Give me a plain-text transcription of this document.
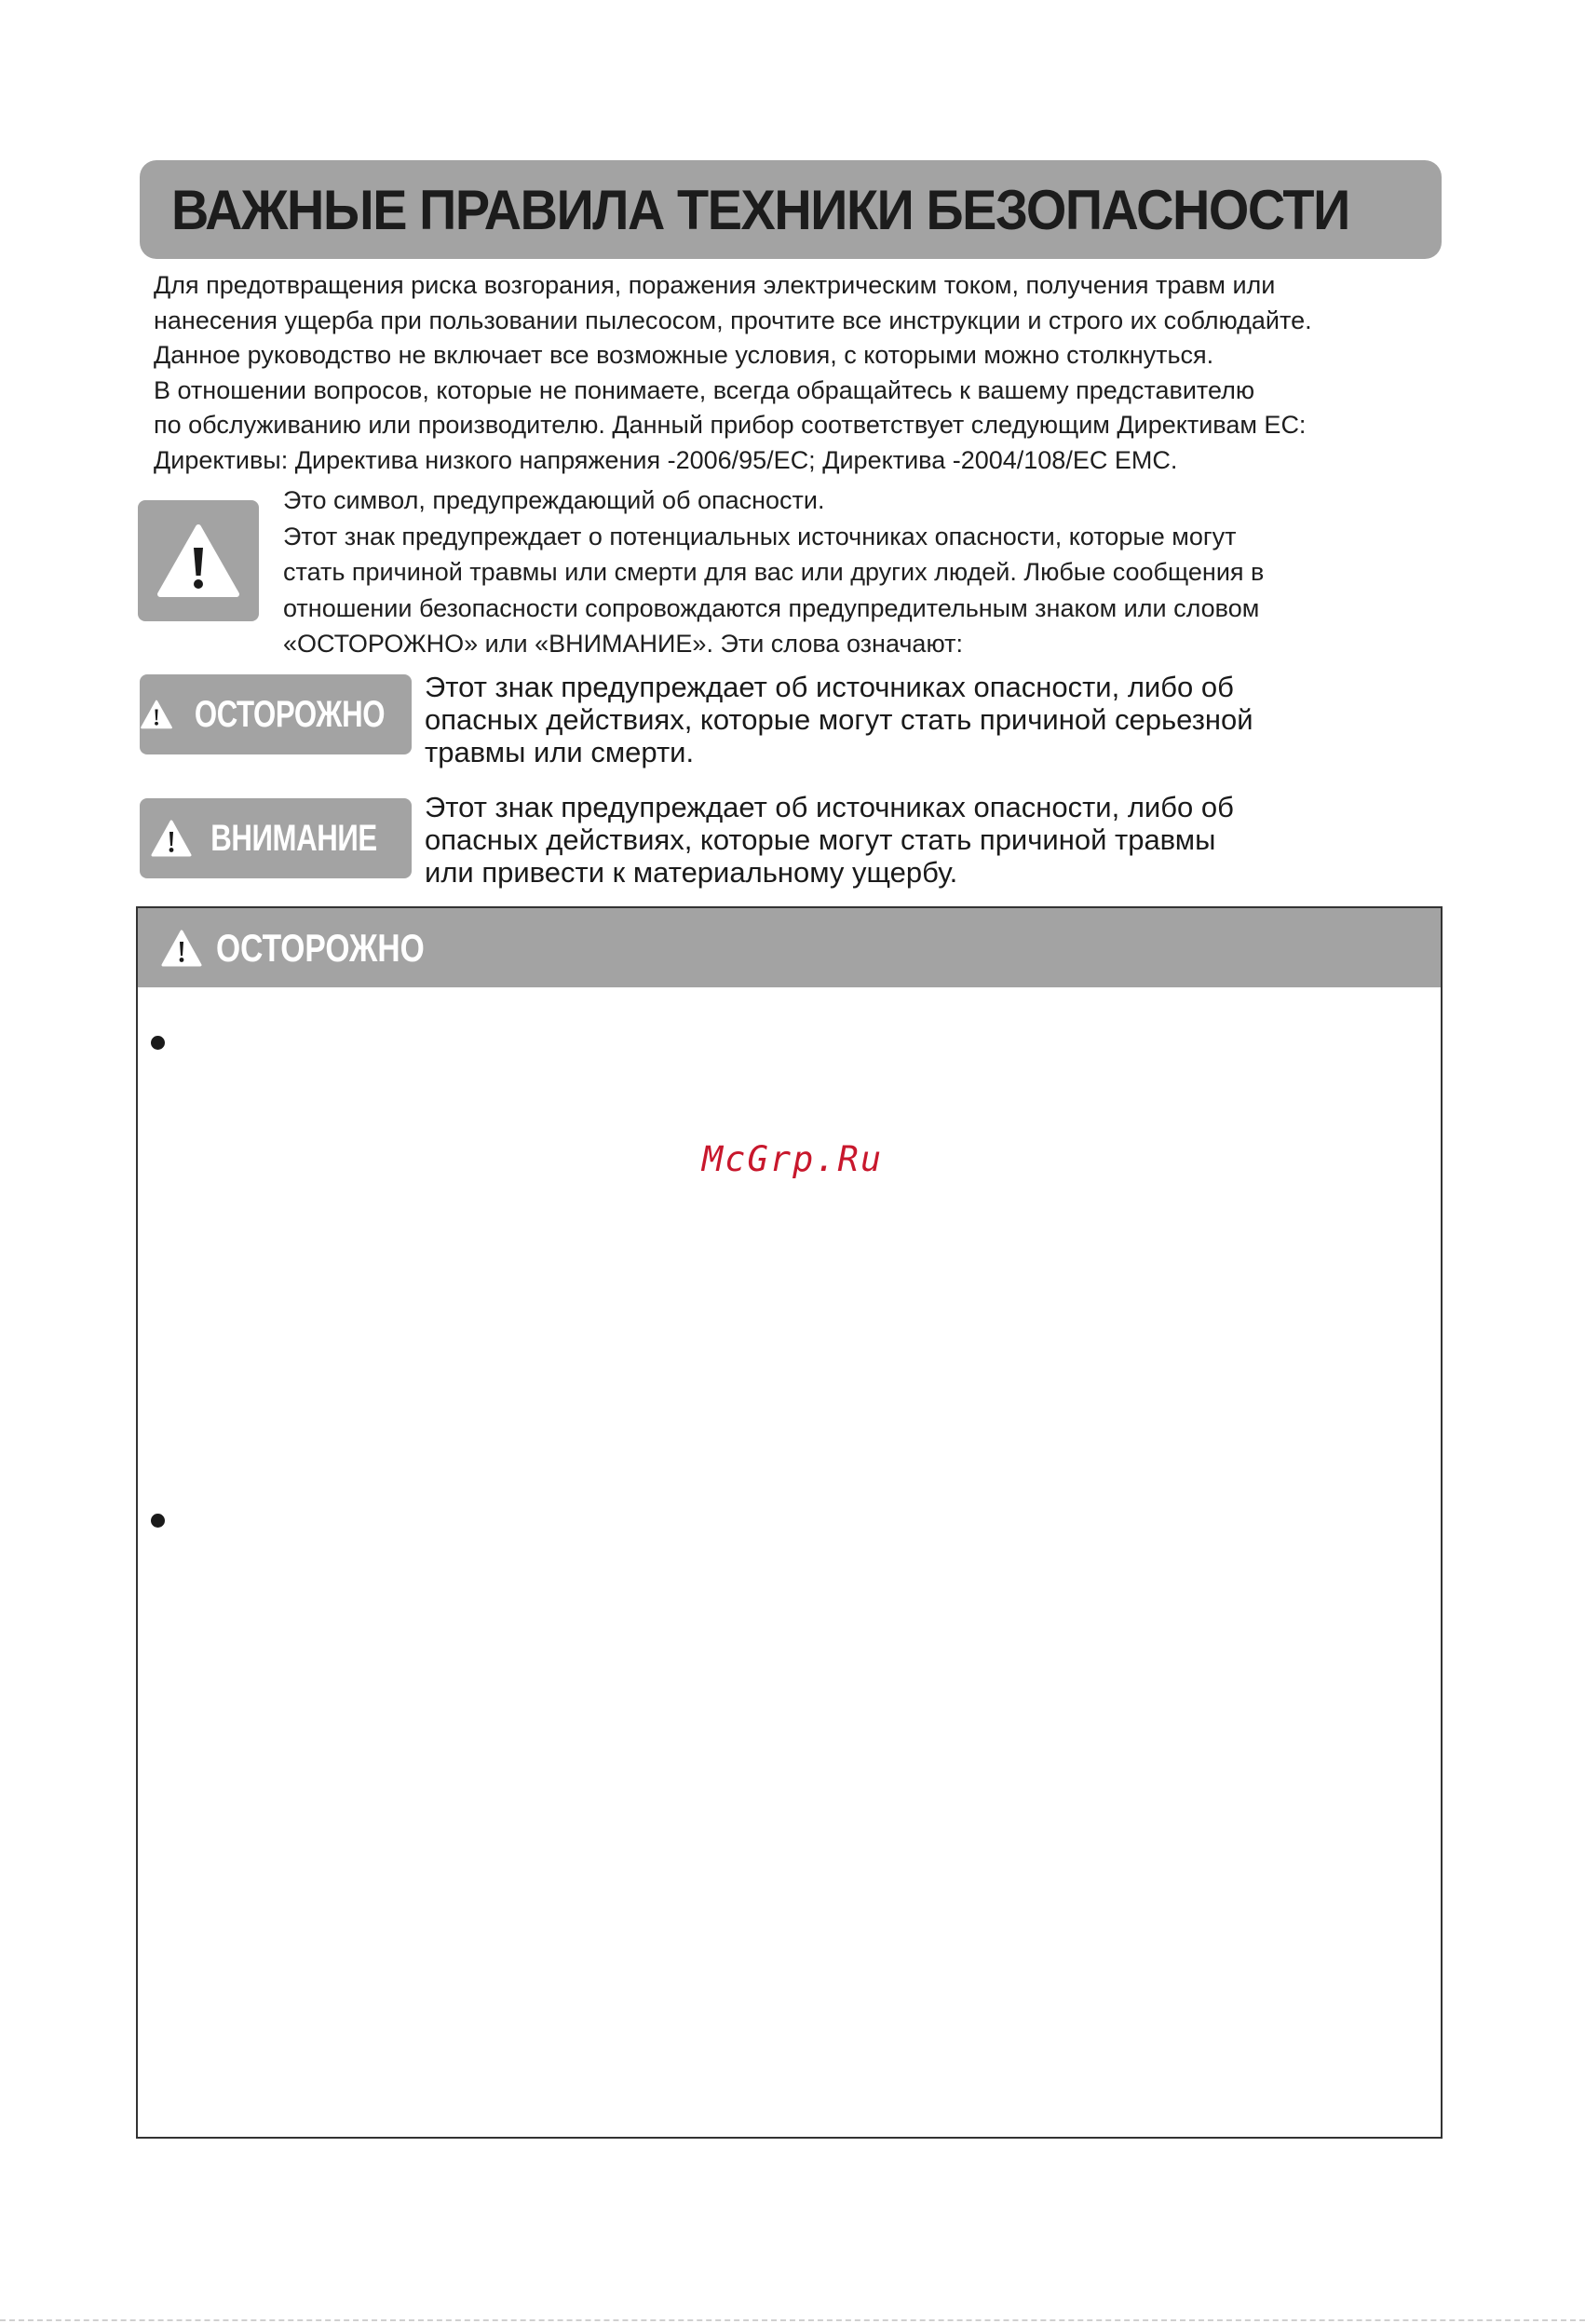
ВАЖНЫЕ ПРАВИЛА ТЕХНИКИ БЕЗОПАСНОСТИ
Для предотвращения риска возгорания, поражения электрическим током, получения травм или
нанесения ущерба при пользовании пылесосом, прочтите все инструкции и строго их соблюдайте.
Данное руководство не включает все возможные условия, с которыми можно столкнуться.
В отношении вопросов, которые не понимаете, всегда обращайтесь к вашему представителю
по обслуживанию или производителю. Данный прибор соответствует следующим Директивам ЕС:
Директивы: Директива низкого напряжения -2006/95/EC; Директива -2004/108/EC EMC.
Это символ, предупреждающий об опасности.
Этот знак предупреждает о потенциальных источниках опасности, которые могут
стать причиной травмы или смерти для вас или других людей. Любые сообщения в
отношении безопасности сопровождаются предупредительным знаком или словом
«ОСТОРОЖНО» или «ВНИМАНИЕ». Эти слова означают:
ОСТОРОЖНО
Этот знак предупреждает об источниках опасности, либо об
опасных действиях, которые могут стать причиной серьезной
травмы или смерти.
ВНИМАНИЕ
Этот знак предупреждает об источниках опасности, либо об
опасных действиях, которые могут стать причиной травмы
или привести к материальному ущербу.
ОСТОРОЖНО
McGrp.Ru
